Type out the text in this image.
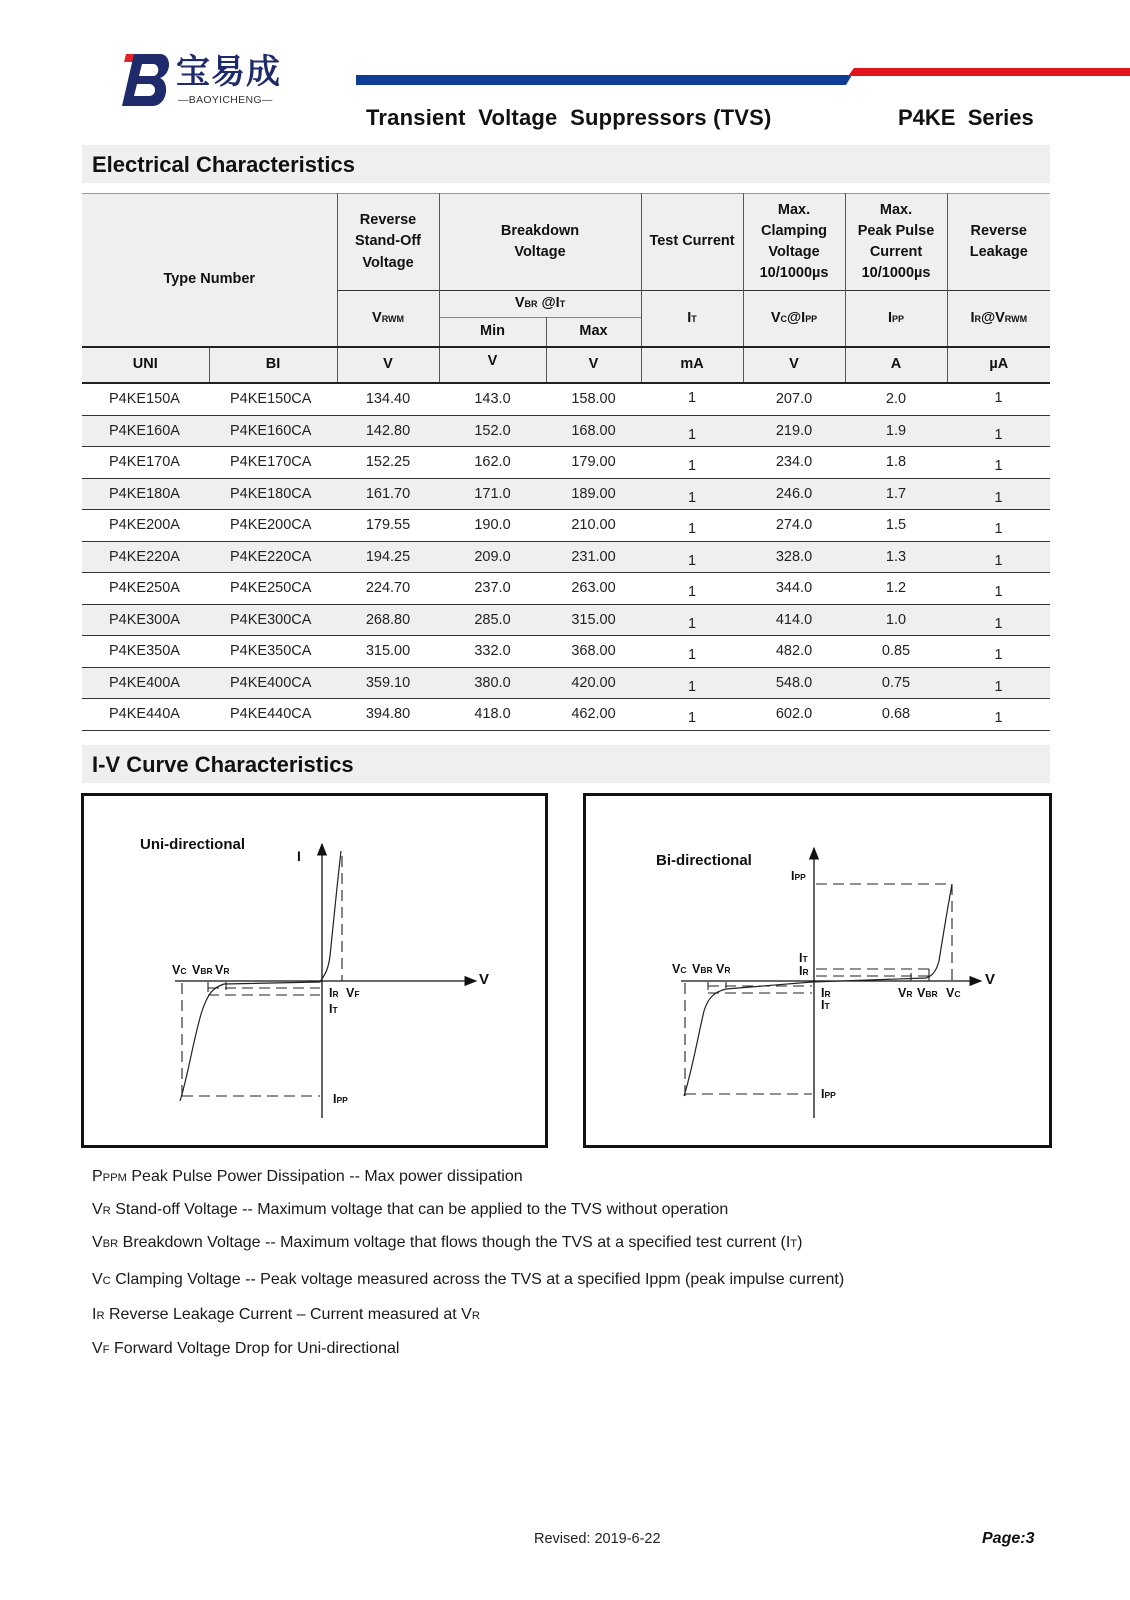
宝易成
—BAOYICHENG—
Transient  Voltage  Suppressors (TVS)	P4KE  Series
Electrical Characteristics
Type Number	
Reverse
Stand-Off
Voltage

Breakdown
Voltage
	Test Current	
Max.
Clamping
Voltage
10/1000µs

Max.
Peak Pulse
Current
10/1000µs

Reverse
Leakage

		VRWM	VBR @IT		IT	VC@IPP	IPP	IR@VRWM
			Min	Max				
UNI	BI	V	V	V	mA	V	A	µA
P4KE150A	P4KE150CA	134.40	143.0	158.00	1	207.0	2.0	1
P4KE160A	P4KE160CA	142.80	152.0	168.00	1	219.0	1.9	1
P4KE170A	P4KE170CA	152.25	162.0	179.00	1	234.0	1.8	1
P4KE180A	P4KE180CA	161.70	171.0	189.00	1	246.0	1.7	1
P4KE200A	P4KE200CA	179.55	190.0	210.00	1	274.0	1.5	1
P4KE220A	P4KE220CA	194.25	209.0	231.00	1	328.0	1.3	1
P4KE250A	P4KE250CA	224.70	237.0	263.00	1	344.0	1.2	1
P4KE300A	P4KE300CA	268.80	285.0	315.00	1	414.0	1.0	1
P4KE350A	P4KE350CA	315.00	332.0	368.00	1	482.0	0.85	1
P4KE400A	P4KE400CA	359.10	380.0	420.00	1	548.0	0.75	1
P4KE440A	P4KE440CA	394.80	418.0	462.00	1	602.0	0.68	1
I-V Curve Characteristics
Uni-directional
I
V
VC VBR VR
IR VF
IT
IPP
Bi-directional
V
IPP
IT
IR
VC VBR VR
IR
IT
VR VBR VC
IPP
PPPM Peak Pulse Power Dissipation -- Max power dissipation
VR Stand-off Voltage -- Maximum voltage that can be applied to the TVS without operation
VBR Breakdown Voltage -- Maximum voltage that flows though the TVS at a specified test current (IT)
VC Clamping Voltage -- Peak voltage measured across the TVS at a specified Ippm (peak impulse current)
IR Reverse Leakage Current – Current measured at VR
VF Forward Voltage Drop for Uni-directional
Revised: 2019-6-22	Page:3
